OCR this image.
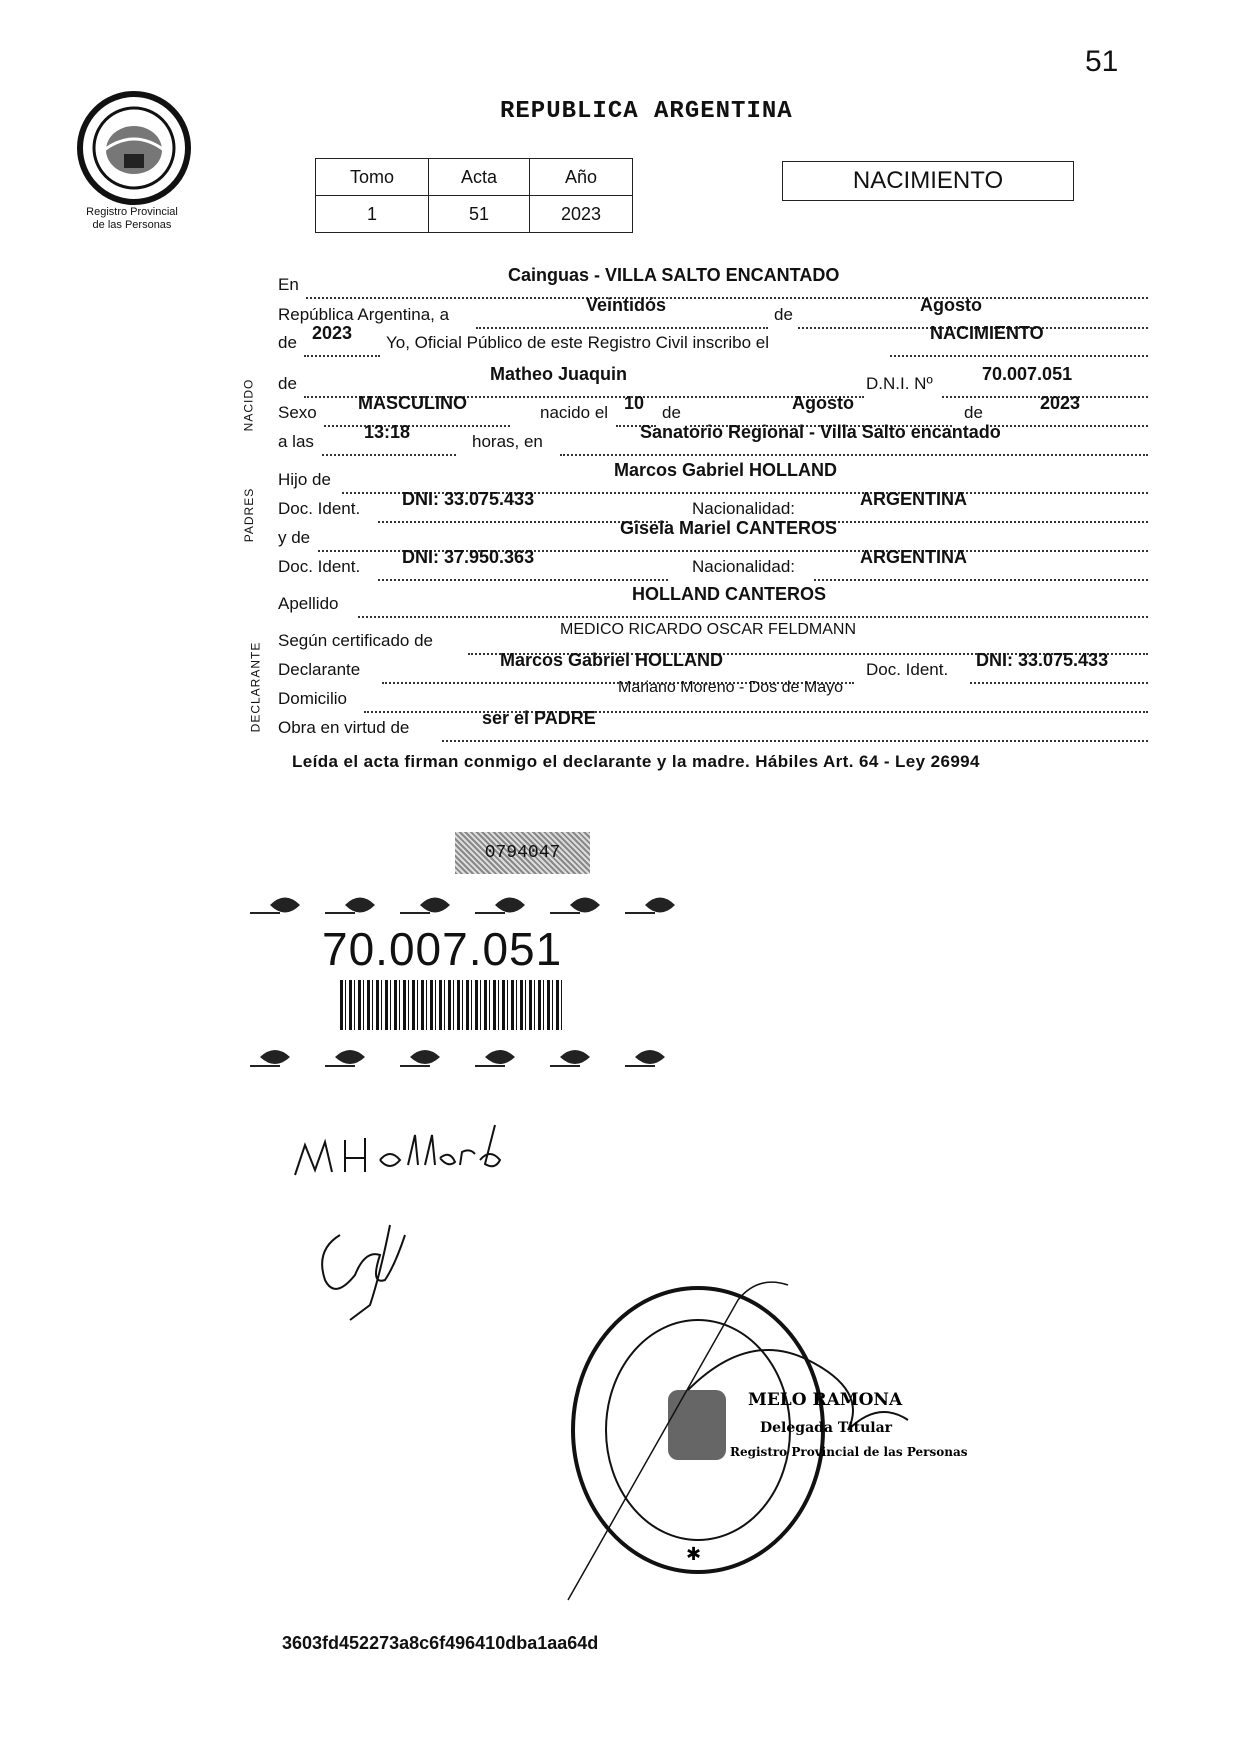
51
Registro Provincial
de las Personas
REPUBLICA ARGENTINA
Tomo	Acta	Año
1	51	2023
NACIMIENTO
NACIDO
PADRES
DECLARANTE
En	Cainguas - VILLA SALTO ENCANTADO
República Argentina, a	Veintidós	de	Agosto
de 2023 Yo, Oficial Público de este Registro Civil inscribo el	NACIMIENTO
de	Matheo Juaquin	D.N.I. Nº	70.007.051
Sexo MASCULINO	nacido el 10 de	Agosto	de	2023
a las	13:18	horas, en	Sanatorio Regional - Villa Salto encantado
Hijo de	Marcos Gabriel HOLLAND
Doc. Ident. DNI: 33.075.433	Nacionalidad:	ARGENTINA
y de	Gisela Mariel CANTEROS
Doc. Ident. DNI: 37.950.363	Nacionalidad:	ARGENTINA
Apellido	HOLLAND CANTEROS
Según certificado de
MEDICO RICARDO OSCAR FELDMANN
Declarante	Marcos Gabriel HOLLAND	Doc. Ident. DNI: 33.075.433
Domicilio
Mariano Moreno - Dos de Mayo
Obra en virtud de	ser el PADRE
Leída el acta firman conmigo el declarante y la madre. Hábiles Art. 64 - Ley 26994
0794047
70.007.051
✱
MELO RAMONA
Delegada Titular
Registro Provincial de las Personas
3603fd452273a8c6f496410dba1aa64d
